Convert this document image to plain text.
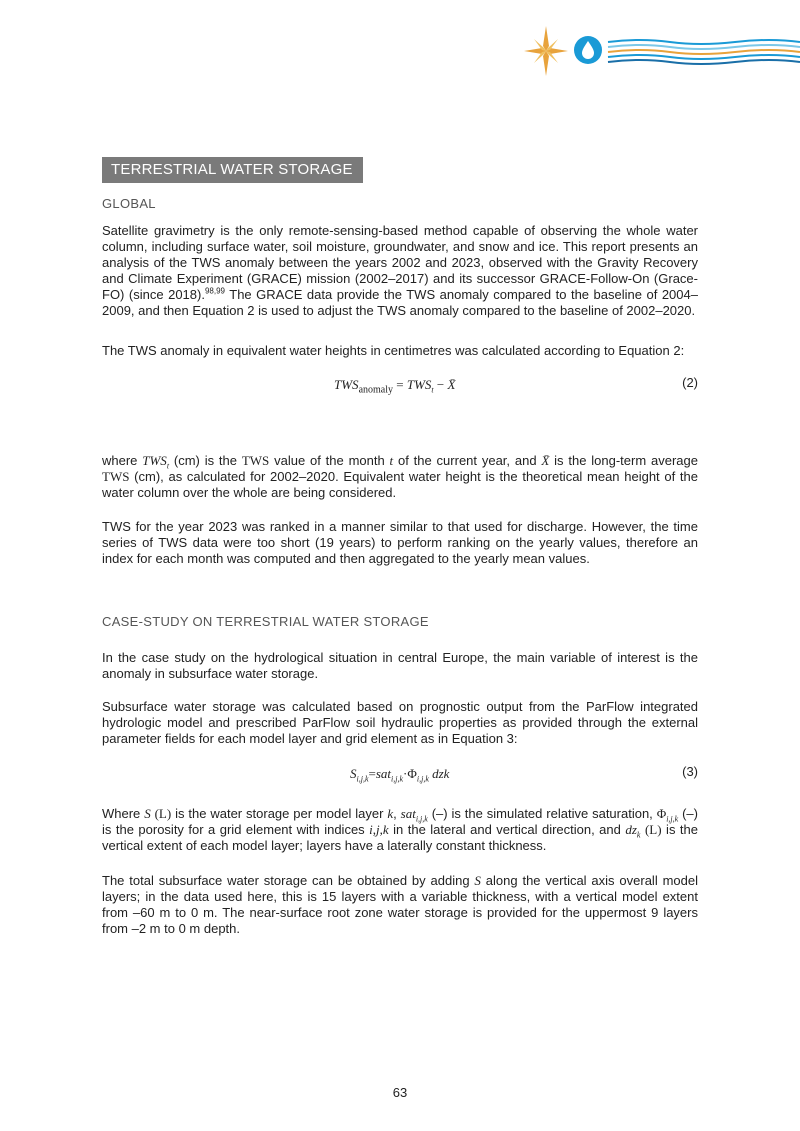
TERRESTRIAL WATER STORAGE
GLOBAL

Satellite gravimetry is the only remote-sensing-based method capable of observing the whole water column, including surface water, soil moisture, groundwater, and snow and ice. This report presents an analysis of the TWS anomaly between the years 2002 and 2023, observed with the Gravity Recovery and Climate Experiment (GRACE) mission (2002–2017) and its successor GRACE-Follow-On (Grace-FO) (since 2018).$^{98,99}$ The GRACE data provide the TWS anomaly compared to the baseline of 2004–2009, and then Equation 2 is used to adjust the TWS anomaly compared to the baseline of 2002–2020.

The TWS anomaly in equivalent water heights in centimetres was calculated according to Equation 2:

$TWS_{anomaly} = TWS_t$ − X̄	(2)

where $TWS_t$ (cm) is the TWS value of the month t of the current year, and X̄ is the long-term average TWS (cm), as calculated for 2002–2020. Equivalent water height is the theoretical mean height of the water column over the whole are being considered.

TWS for the year 2023 was ranked in a manner similar to that used for discharge. However, the time series of TWS data were too short (19 years) to perform ranking on the yearly values, therefore an index for each month was computed and then aggregated to the yearly mean values.

CASE-STUDY ON TERRESTRIAL WATER STORAGE

In the case study on the hydrological situation in central Europe, the main variable of interest is the anomaly in subsurface water storage.

Subsurface water storage was calculated based on prognostic output from the ParFlow integrated hydrologic model and prescribed ParFlow soil hydraulic properties as provided through the external parameter fields for each model layer and grid element as in Equation 3:

$S_{i,j,k}=sat_{i,j,k}\cdot\Phi_{i,j,k}$ dzk	(3)

Where S (L) is the water storage per model layer k, sat$_{i,j,k}$ (–) is the simulated relative saturation, $\Phi_{i,j,k}$ (–) is the porosity for a grid element with indices i,j,k in the lateral and vertical direction, and $dz_k$ (L) is the vertical extent of each model layer; layers have a laterally constant thickness.

The total subsurface water storage can be obtained by adding S along the vertical axis overall model layers; in the data used here, this is 15 layers with a variable thickness, with a vertical model extent from –60 m to 0 m. The near-surface root zone water storage is provided for the uppermost 9 layers from –2 m to 0 m depth.

63
